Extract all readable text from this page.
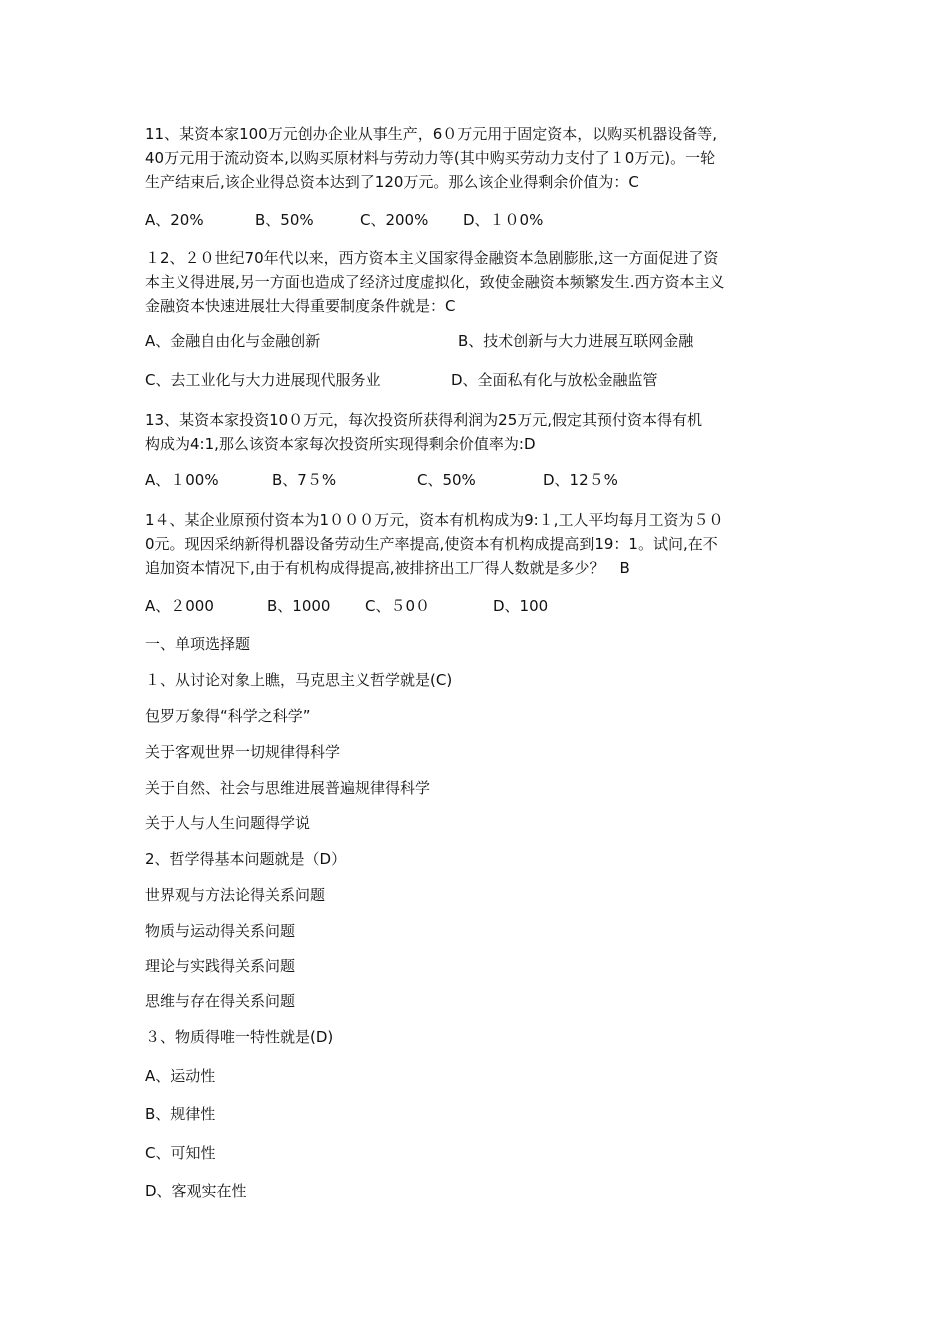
11、某资本家100万元创办企业从事生产，6０万元用于固定资本，以购买机器设备等,
40万元用于流动资本,以购买原材料与劳动力等(其中购买劳动力支付了１0万元)。一轮
生产结束后,该企业得总资本达到了120万元。那么该企业得剩余价值为：C
A、20%	B、50%	C、200% D、１０0%
１2、２０世纪70年代以来，西方资本主义国家得金融资本急剧膨胀,这一方面促进了资
本主义得进展,另一方面也造成了经济过度虚拟化，致使金融资本频繁发生.西方资本主义
金融资本快速进展壮大得重要制度条件就是：C
A、金融自由化与金融创新	B、技术创新与大力进展互联网金融
C、去工业化与大力进展现代服务业	D、全面私有化与放松金融监管
13、某资本家投资10０万元，每次投资所获得利润为25万元,假定其预付资本得有机
构成为4:1,那么该资本家每次投资所实现得剩余价值率为:D
A、１00%	B、7５%	C、50%	D、12５%
1４、某企业原预付资本为1０００万元，资本有机构成为9:１,工人平均每月工资为５０
0元。现因采纳新得机器设备劳动生产率提高,使资本有机构成提高到19：1。试问,在不
追加资本情况下,由于有机构成得提高,被排挤出工厂得人数就是多少？　B
A、２000	B、1000 C、５0０	D、100
一、单项选择题
１、从讨论对象上瞧，马克思主义哲学就是(C)
包罗万象得“科学之科学”
关于客观世界一切规律得科学
关于自然、社会与思维进展普遍规律得科学
关于人与人生问题得学说
2、哲学得基本问题就是（D）
世界观与方法论得关系问题
物质与运动得关系问题
理论与实践得关系问题
思维与存在得关系问题
３、物质得唯一特性就是(D)
A、运动性
B、规律性
C、可知性
D、客观实在性
